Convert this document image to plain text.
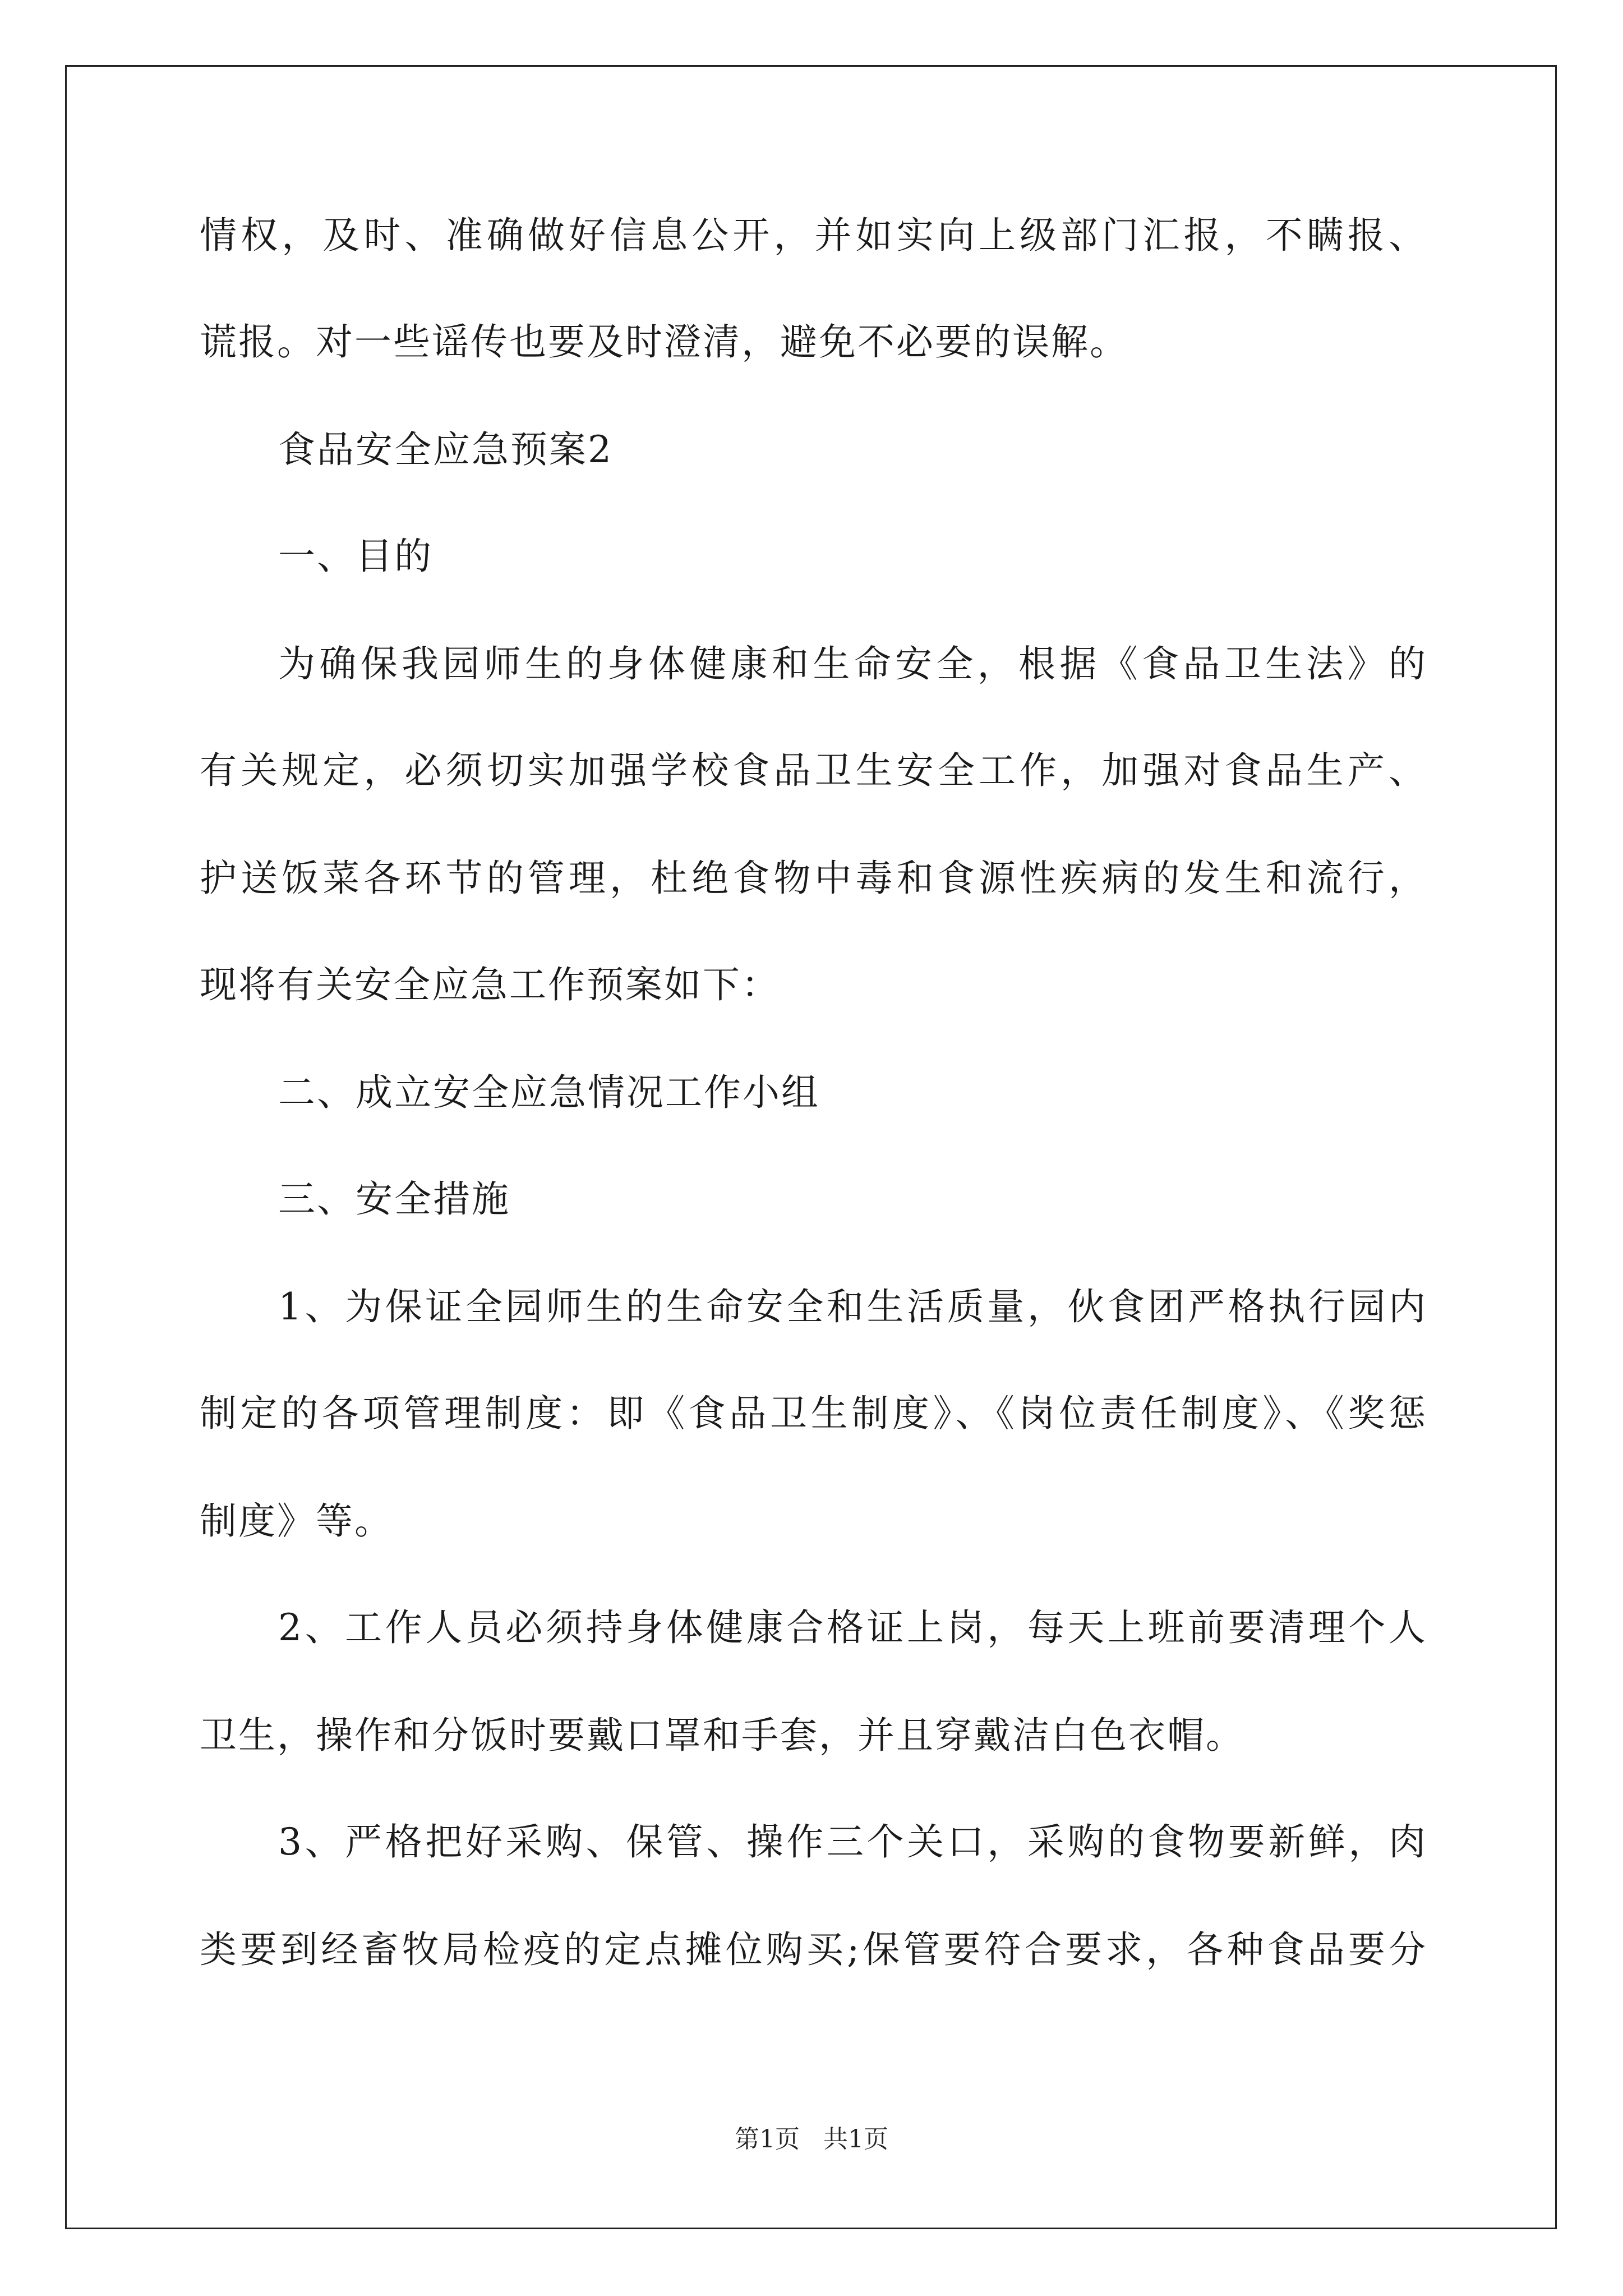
情权，及时、准确做好信息公开，并如实向上级部门汇报，不瞒报、
谎报。对一些谣传也要及时澄清，避免不必要的误解。
食品安全应急预案2
一、目的
为确保我园师生的身体健康和生命安全，根据《食品卫生法》的
有关规定，必须切实加强学校食品卫生安全工作，加强对食品生产、
护送饭菜各环节的管理，杜绝食物中毒和食源性疾病的发生和流行，
现将有关安全应急工作预案如下：
二、成立安全应急情况工作小组
三、安全措施
1、为保证全园师生的生命安全和生活质量，伙食团严格执行园内
制定的各项管理制度：即《食品卫生制度》、《岗位责任制度》、《奖惩
制度》等。
2、工作人员必须持身体健康合格证上岗，每天上班前要清理个人
卫生，操作和分饭时要戴口罩和手套，并且穿戴洁白色衣帽。
3、严格把好采购、保管、操作三个关口，采购的食物要新鲜，肉
类要到经畜牧局检疫的定点摊位购买;保管要符合要求，各种食品要分
第1页   共1页
